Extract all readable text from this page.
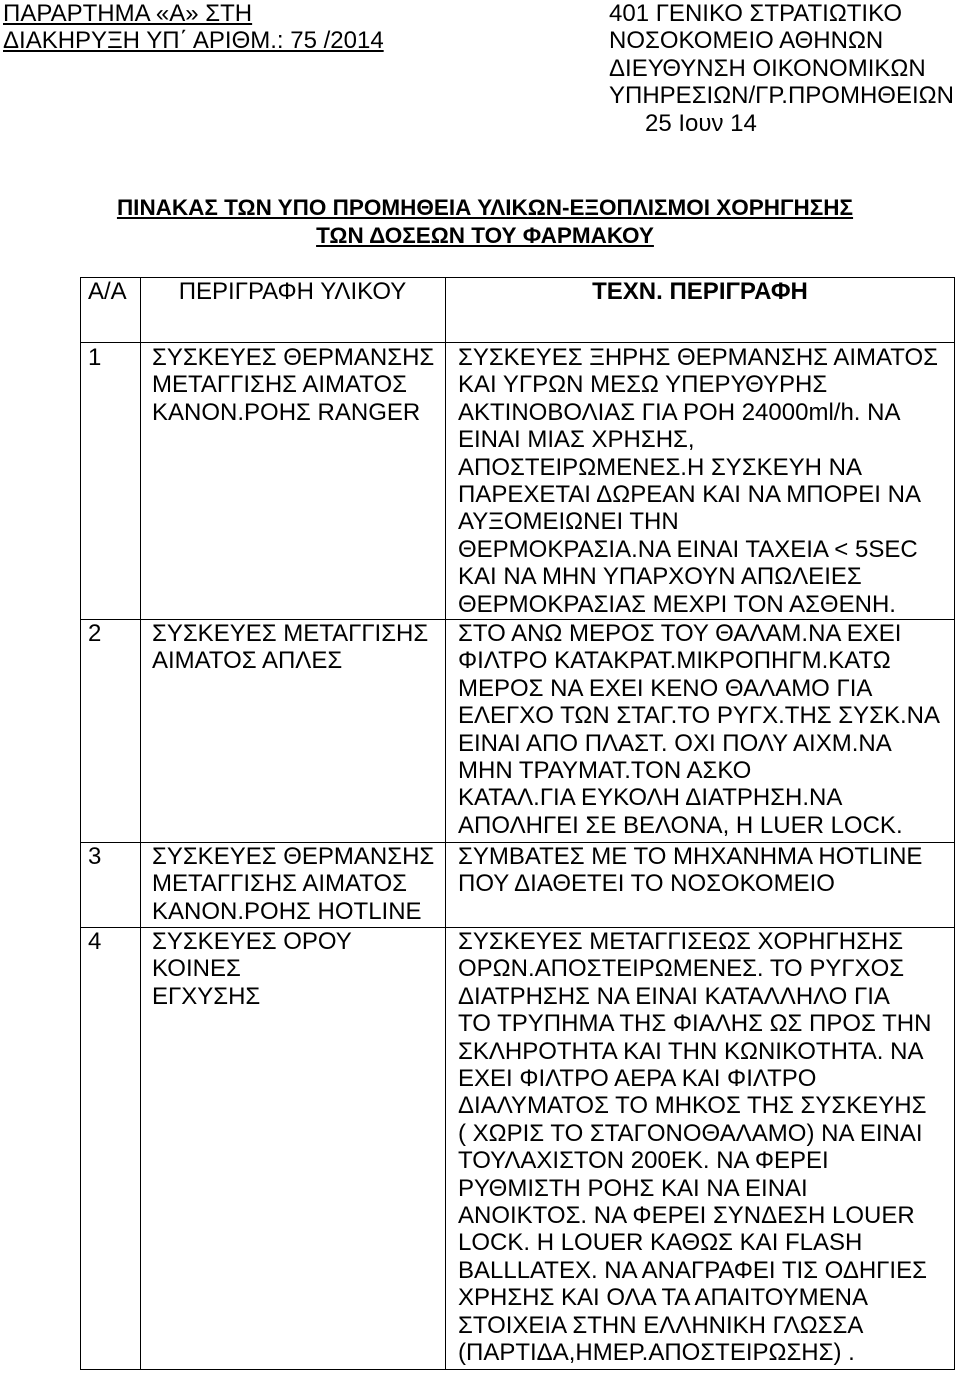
ΠΑΡΑΡΤΗΜΑ «Α» ΣΤΗ
ΔΙΑΚΗΡΥΞΗ ΥΠ΄ ΑΡΙΘΜ.: 75 /2014
401 ΓΕΝΙΚΟ ΣΤΡΑΤΙΩΤΙΚΟ
ΝΟΣΟΚΟΜΕΙΟ ΑΘΗΝΩΝ
ΔΙΕΥΘΥΝΣΗ ΟΙΚΟΝΟΜΙΚΩΝ
ΥΠΗΡΕΣΙΩΝ/ΓΡ.ΠΡΟΜΗΘΕΙΩΝ
25 Ιουν 14
ΠΙΝΑΚΑΣ ΤΩΝ ΥΠΟ ΠΡΟΜΗΘΕΙΑ ΥΛΙΚΩΝ-ΕΞΟΠΛΙΣΜΟΙ ΧΟΡΗΓΗΣΗΣ
ΤΩΝ ΔΟΣΕΩΝ ΤΟΥ ΦΑΡΜΑΚΟΥ
Α/Α	ΠΕΡΙΓΡΑΦΗ ΥΛΙΚΟΥ	ΤΕΧΝ. ΠΕΡΙΓΡΑΦΗ
1 ΣΥΣΚΕΥΕΣ ΘΕΡΜΑΝΣΗΣ
ΜΕΤΑΓΓΙΣΗΣ ΑΙΜΑΤΟΣ
ΚΑΝΟΝ.ΡΟΗΣ RANGER
ΣΥΣΚΕΥΕΣ ΞΗΡΗΣ ΘΕΡΜΑΝΣΗΣ ΑΙΜΑΤΟΣ
ΚΑΙ ΥΓΡΩΝ ΜΕΣΩ ΥΠΕΡΥΘΥΡΗΣ
ΑΚΤΙΝΟΒΟΛΙΑΣ ΓΙΑ ΡΟΗ 24000ml/h. ΝΑ
ΕΙΝΑΙ ΜΙΑΣ ΧΡΗΣΗΣ,
ΑΠΟΣΤΕΙΡΩΜΕΝΕΣ.Η ΣΥΣΚΕΥΗ ΝΑ
ΠΑΡΕΧΕΤΑΙ ΔΩΡΕΑΝ ΚΑΙ ΝΑ ΜΠΟΡΕΙ ΝΑ
ΑΥΞΟΜΕΙΩΝΕΙ ΤΗΝ
ΘΕΡΜΟΚΡΑΣΙΑ.ΝΑ ΕΙΝΑΙ ΤΑΧΕΙΑ < 5SEC
ΚΑΙ ΝΑ ΜΗΝ ΥΠΑΡΧΟΥΝ ΑΠΩΛΕΙΕΣ
ΘΕΡΜΟΚΡΑΣΙΑΣ ΜΕΧΡΙ ΤΟΝ ΑΣΘΕΝΗ.
2 ΣΥΣΚΕΥΕΣ ΜΕΤΑΓΓΙΣΗΣ
ΑΙΜΑΤΟΣ ΑΠΛΕΣ
ΣΤΟ ΑΝΩ ΜΕΡΟΣ ΤΟΥ ΘΑΛΑΜ.ΝΑ ΕΧΕΙ
ΦΙΛΤΡΟ ΚΑΤΑΚΡΑΤ.ΜΙΚΡΟΠΗΓΜ.ΚΑΤΩ
ΜΕΡΟΣ ΝΑ ΕΧΕΙ ΚΕΝΟ ΘΑΛΑΜΟ ΓΙΑ
ΕΛΕΓΧΟ ΤΩΝ ΣΤΑΓ.ΤΟ ΡΥΓΧ.ΤΗΣ ΣΥΣΚ.ΝΑ
ΕΙΝΑΙ ΑΠΟ ΠΛΑΣΤ. ΟΧΙ ΠΟΛΥ ΑΙΧΜ.ΝΑ
ΜΗΝ ΤΡΑΥΜΑΤ.ΤΟΝ ΑΣΚΟ
ΚΑΤΑΛ.ΓΙΑ ΕΥΚΟΛΗ ΔΙΑΤΡΗΣΗ.ΝΑ
ΑΠΟΛΗΓΕΙ ΣΕ ΒΕΛΟΝΑ, Η LUER LOCK.
3 ΣΥΣΚΕΥΕΣ ΘΕΡΜΑΝΣΗΣ
ΜΕΤΑΓΓΙΣΗΣ ΑΙΜΑΤΟΣ
ΚΑΝΟΝ.ΡΟΗΣ HOTLINE
ΣΥΜΒΑΤΕΣ ΜΕ ΤΟ ΜΗΧΑΝΗΜΑ HOTLINE
ΠΟΥ ΔΙΑΘΕΤΕΙ ΤΟ ΝΟΣΟΚΟΜΕΙΟ
4 ΣΥΣΚΕΥΕΣ ΟΡΟΥ
ΚΟΙΝΕΣ
ΕΓΧΥΣΗΣ
ΣΥΣΚΕΥΕΣ ΜΕΤΑΓΓΙΣΕΩΣ ΧΟΡΗΓΗΣΗΣ
ΟΡΩΝ.ΑΠΟΣΤΕΙΡΩΜΕΝΕΣ. ΤΟ ΡΥΓΧΟΣ
ΔΙΑΤΡΗΣΗΣ ΝΑ ΕΙΝΑΙ ΚΑΤΑΛΛΗΛΟ ΓΙΑ
ΤΟ ΤΡΥΠΗΜΑ ΤΗΣ ΦΙΑΛΗΣ ΩΣ ΠΡΟΣ ΤΗΝ
ΣΚΛΗΡΟΤΗΤΑ ΚΑΙ ΤΗΝ ΚΩΝΙΚΟΤΗΤΑ. ΝΑ
ΕΧΕΙ ΦΙΛΤΡΟ ΑΕΡΑ ΚΑΙ ΦΙΛΤΡΟ
ΔΙΑΛΥΜΑΤΟΣ ΤΟ ΜΗΚΟΣ ΤΗΣ ΣΥΣΚΕΥΗΣ
( ΧΩΡΙΣ ΤΟ ΣΤΑΓΟΝΟΘΑΛΑΜΟ) ΝΑ ΕΙΝΑΙ
ΤΟΥΛΑΧΙΣΤΟΝ 200ΕΚ. ΝΑ ΦΕΡΕΙ
ΡΥΘΜΙΣΤΗ ΡΟΗΣ ΚΑΙ ΝΑ ΕΙΝΑΙ
ΑΝΟΙΚΤΟΣ. ΝΑ ΦΕΡΕΙ ΣΥΝΔΕΣΗ LOUER
LOCK. Η LOUER ΚΑΘΩΣ ΚΑΙ FLASH
BALLLATEX. ΝΑ ΑΝΑΓΡΑΦΕΙ ΤΙΣ ΟΔΗΓΙΕΣ
ΧΡΗΣΗΣ ΚΑΙ ΟΛΑ ΤΑ ΑΠΑΙΤΟΥΜΕΝΑ
ΣΤΟΙΧΕΙΑ ΣΤΗΝ ΕΛΛΗΝΙΚΗ ΓΛΩΣΣΑ
(ΠΑΡΤΙΔΑ,ΗΜΕΡ.ΑΠΟΣΤΕΙΡΩΣΗΣ) .
